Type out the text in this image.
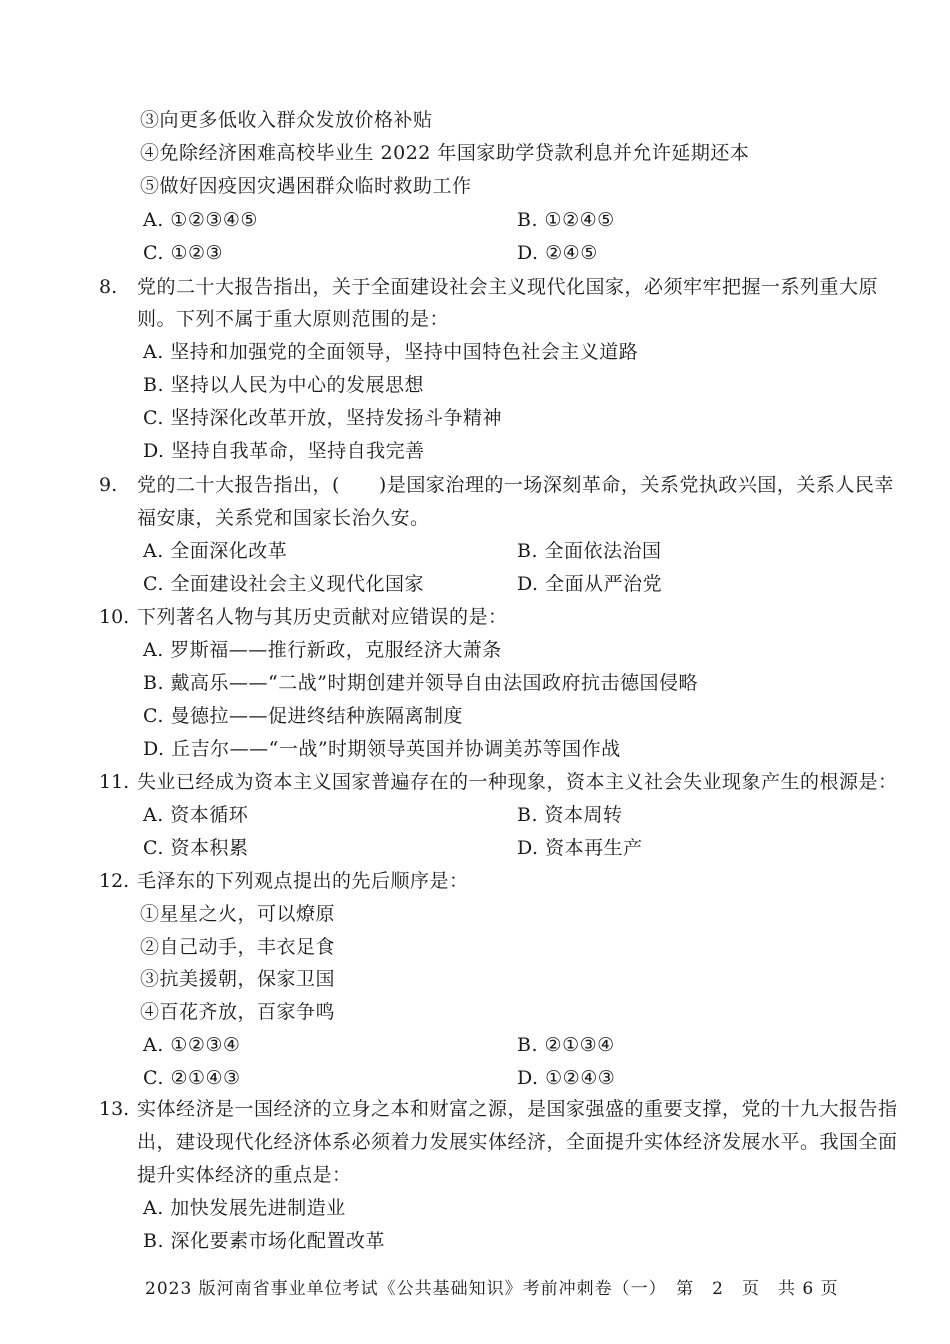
③向更多低收入群众发放价格补贴
④免除经济困难高校毕业生 2022 年国家助学贷款利息并允许延期还本
⑤做好因疫因灾遇困群众临时救助工作
A. ①②③④⑤	B. ①②④⑤
C. ①②③	D. ②④⑤
8. 党的二十大报告指出，关于全面建设社会主义现代化国家，必须牢牢把握一系列重大原
则。下列不属于重大原则范围的是：
A. 坚持和加强党的全面领导，坚持中国特色社会主义道路
B. 坚持以人民为中心的发展思想
C. 坚持深化改革开放，坚持发扬斗争精神
D. 坚持自我革命，坚持自我完善
9. 党的二十大报告指出，(　　)是国家治理的一场深刻革命，关系党执政兴国，关系人民幸
福安康，关系党和国家长治久安。
A. 全面深化改革	B. 全面依法治国
C. 全面建设社会主义现代化国家	D. 全面从严治党
10. 下列著名人物与其历史贡献对应错误的是：
A. 罗斯福——推行新政，克服经济大萧条
B. 戴高乐——“二战”时期创建并领导自由法国政府抗击德国侵略
C. 曼德拉——促进终结种族隔离制度
D. 丘吉尔——“一战”时期领导英国并协调美苏等国作战
11. 失业已经成为资本主义国家普遍存在的一种现象，资本主义社会失业现象产生的根源是：
A. 资本循环	B. 资本周转
C. 资本积累	D. 资本再生产
12. 毛泽东的下列观点提出的先后顺序是：
①星星之火，可以燎原
②自己动手，丰衣足食
③抗美援朝，保家卫国
④百花齐放，百家争鸣
A. ①②③④	B. ②①③④
C. ②①④③	D. ①②④③
13. 实体经济是一国经济的立身之本和财富之源，是国家强盛的重要支撑，党的十九大报告指
出，建设现代化经济体系必须着力发展实体经济，全面提升实体经济发展水平。我国全面
提升实体经济的重点是：
A. 加快发展先进制造业
B. 深化要素市场化配置改革
2023 版河南省事业单位考试《公共基础知识》考前冲刺卷（一）　第　2　页　共 6 页
